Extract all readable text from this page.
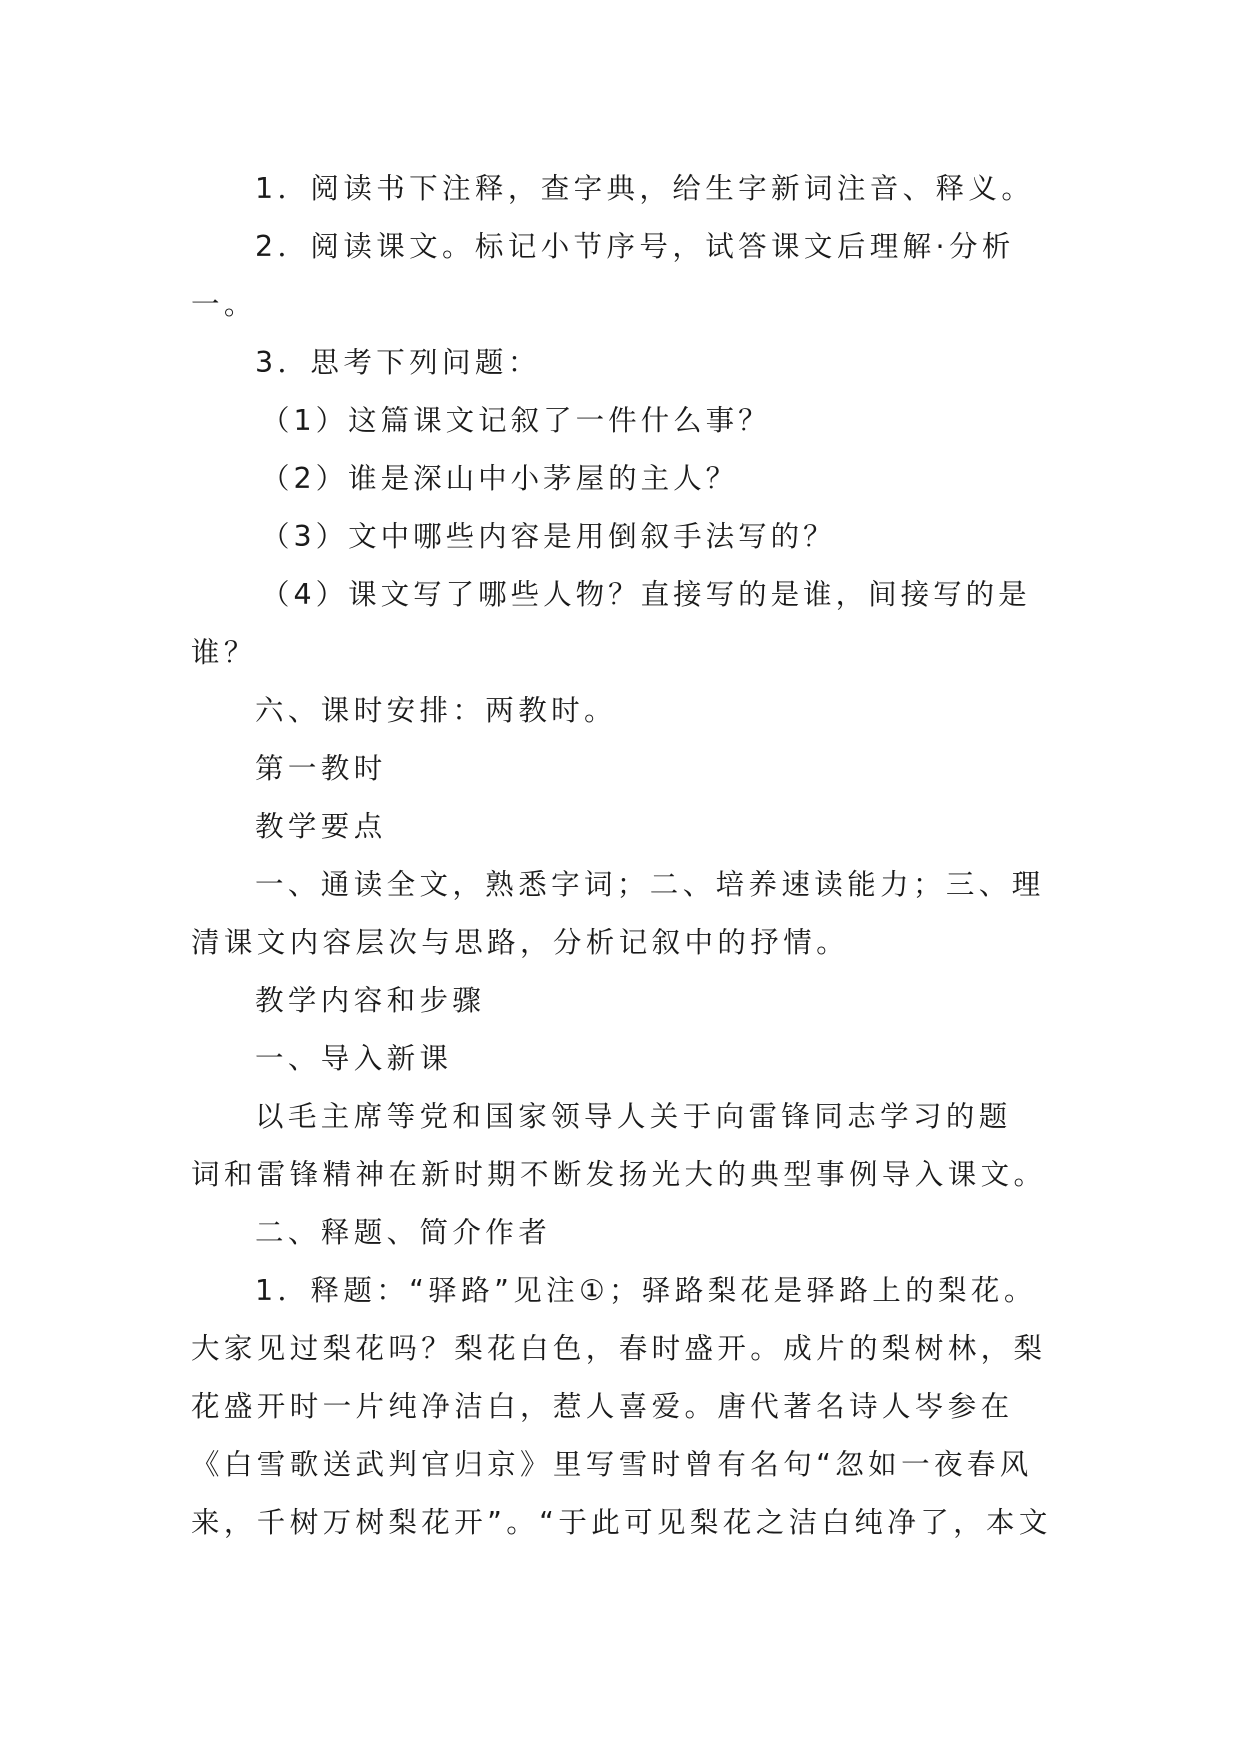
1．阅读书下注释，查字典，给生字新词注音、释义。
2．阅读课文。标记小节序号，试答课文后理解·分析
一。
3．思考下列问题：
（1）这篇课文记叙了一件什么事？
（2）谁是深山中小茅屋的主人？
（3）文中哪些内容是用倒叙手法写的？
（4）课文写了哪些人物？直接写的是谁，间接写的是
谁？
六、课时安排：两教时。
第一教时
教学要点
一、通读全文，熟悉字词；二、培养速读能力；三、理
清课文内容层次与思路，分析记叙中的抒情。
教学内容和步骤
一、导入新课
以毛主席等党和国家领导人关于向雷锋同志学习的题
词和雷锋精神在新时期不断发扬光大的典型事例导入课文。
二、释题、简介作者
1．释题：“驿路”见注①；驿路梨花是驿路上的梨花。
大家见过梨花吗？梨花白色，春时盛开。成片的梨树林，梨
花盛开时一片纯净洁白，惹人喜爱。唐代著名诗人岑参在
《白雪歌送武判官归京》里写雪时曾有名句“忽如一夜春风
来，千树万树梨花开”。“于此可见梨花之洁白纯净了，本文
